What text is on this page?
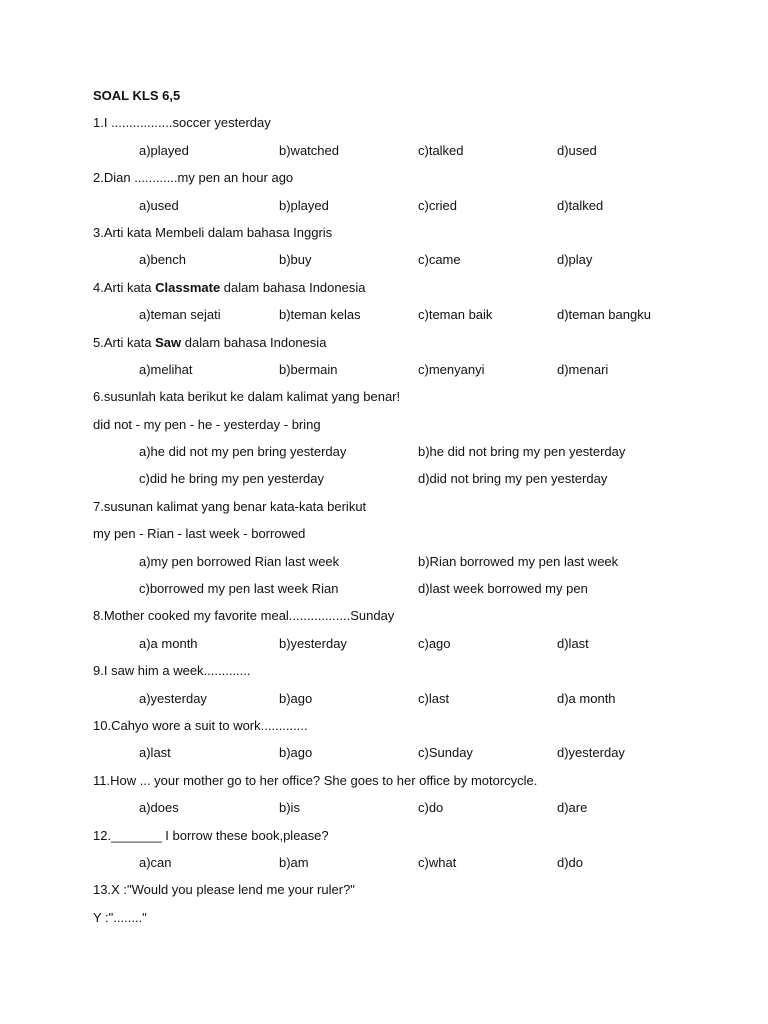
SOAL KLS 6,5
1.I .................soccer yesterday
a)played	b)watched	c)talked	d)used
2.Dian ............my pen an hour ago
a)used	b)played	c)cried	d)talked
3.Arti kata Membeli dalam bahasa Inggris
a)bench	b)buy	c)came	d)play
4.Arti kata Classmate dalam bahasa Indonesia
a)teman sejati	b)teman kelas	c)teman baik	d)teman bangku
5.Arti kata Saw dalam bahasa Indonesia
a)melihat	b)bermain	c)menyanyi	d)menari
6.susunlah kata berikut ke dalam kalimat yang benar!
did not - my pen - he - yesterday - bring
a)he did not my pen bring yesterday	b)he did not bring my pen yesterday
c)did he bring my pen yesterday	d)did not bring my pen yesterday
7.susunan kalimat yang benar kata-kata berikut
my pen - Rian - last week - borrowed
a)my pen borrowed Rian last week	b)Rian borrowed my pen last week
c)borrowed my pen last week Rian	d)last week borrowed my pen
8.Mother cooked my favorite meal.................Sunday
a)a month	b)yesterday	c)ago	d)last
9.I saw him a week.............
a)yesterday	b)ago	c)last	d)a month
10.Cahyo wore a suit to work.............
a)last	b)ago	c)Sunday	d)yesterday
11.How ... your mother go to her office? She goes to her office by motorcycle.
a)does	b)is	c)do	d)are
12._______ I borrow these book,please?
a)can	b)am	c)what	d)do
13.X :"Would you please lend me your ruler?"
Y :"........"
